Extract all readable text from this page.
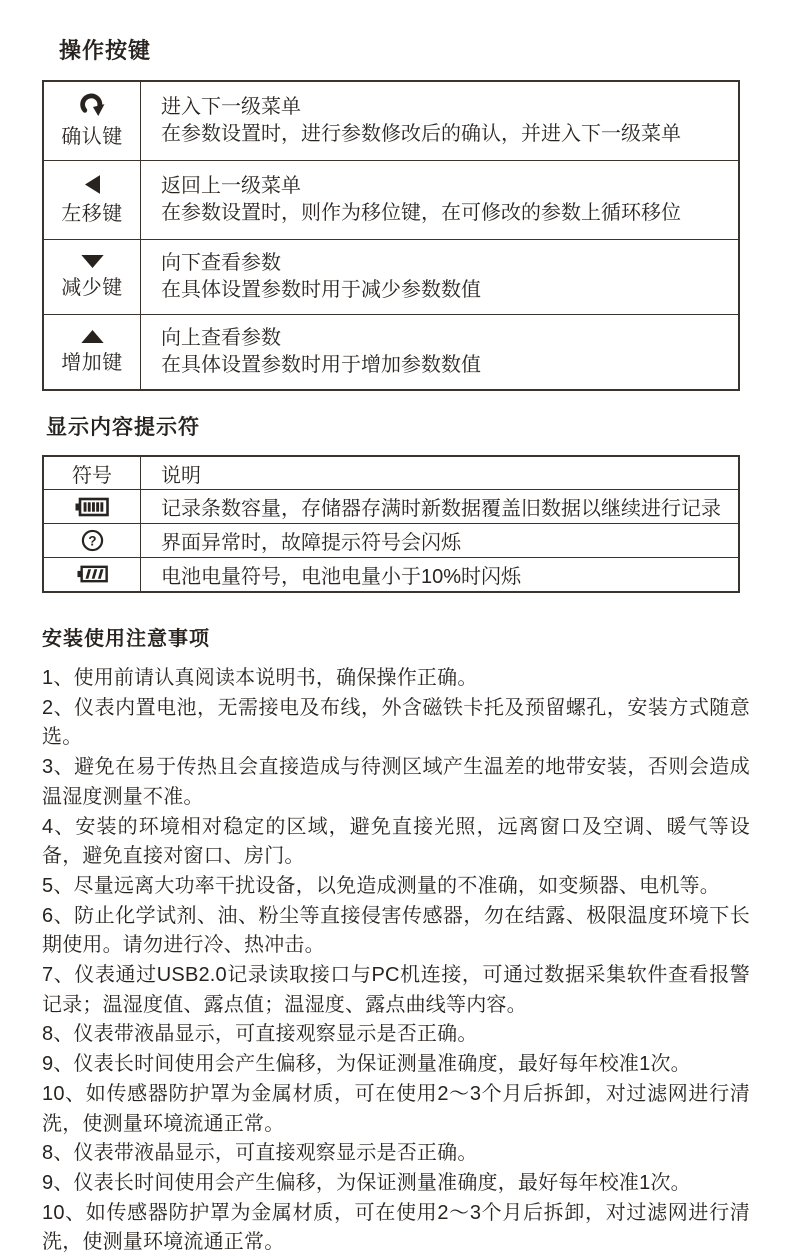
操作按键
确认键	进入下一级菜单
在参数设置时，进行参数修改后的确认，并进入下一级菜单

左移键	返回上一级菜单
在参数设置时，则作为移位键，在可修改的参数上循环移位

减少键	向下查看参数
在具体设置参数时用于减少参数数值

增加键	向上查看参数
在具体设置参数时用于增加参数数值
显示内容提示符
符号	说明
	记录条数容量，存储器存满时新数据覆盖旧数据以继续进行记录

?	界面异常时，故障提示符号会闪烁
	电池电量符号，电池电量小于10%时闪烁
安装使用注意事项

1、使用前请认真阅读本说明书，确保操作正确。

2、仪表内置电池，无需接电及布线，外含磁铁卡托及预留螺孔，安装方式随意选。

3、避免在易于传热且会直接造成与待测区域产生温差的地带安装，否则会造成温湿度测量不准。

4、安装的环境相对稳定的区域，避免直接光照，远离窗口及空调、暖气等设备，避免直接对窗口、房门。

5、尽量远离大功率干扰设备，以免造成测量的不准确，如变频器、电机等。

6、防止化学试剂、油、粉尘等直接侵害传感器，勿在结露、极限温度环境下长期使用。请勿进行冷、热冲击。

7、仪表通过USB2.0记录读取接口与PC机连接，可通过数据采集软件查看报警记录；温湿度值、露点值；温湿度、露点曲线等内容。

8、仪表带液晶显示，可直接观察显示是否正确。

9、仪表长时间使用会产生偏移，为保证测量准确度，最好每年校准1次。

10、如传感器防护罩为金属材质，可在使用2～3个月后拆卸，对过滤网进行清洗，使测量环境流通正常。

8、仪表带液晶显示，可直接观察显示是否正确。

9、仪表长时间使用会产生偏移，为保证测量准确度，最好每年校准1次。

10、如传感器防护罩为金属材质，可在使用2～3个月后拆卸，对过滤网进行清洗，使测量环境流通正常。
